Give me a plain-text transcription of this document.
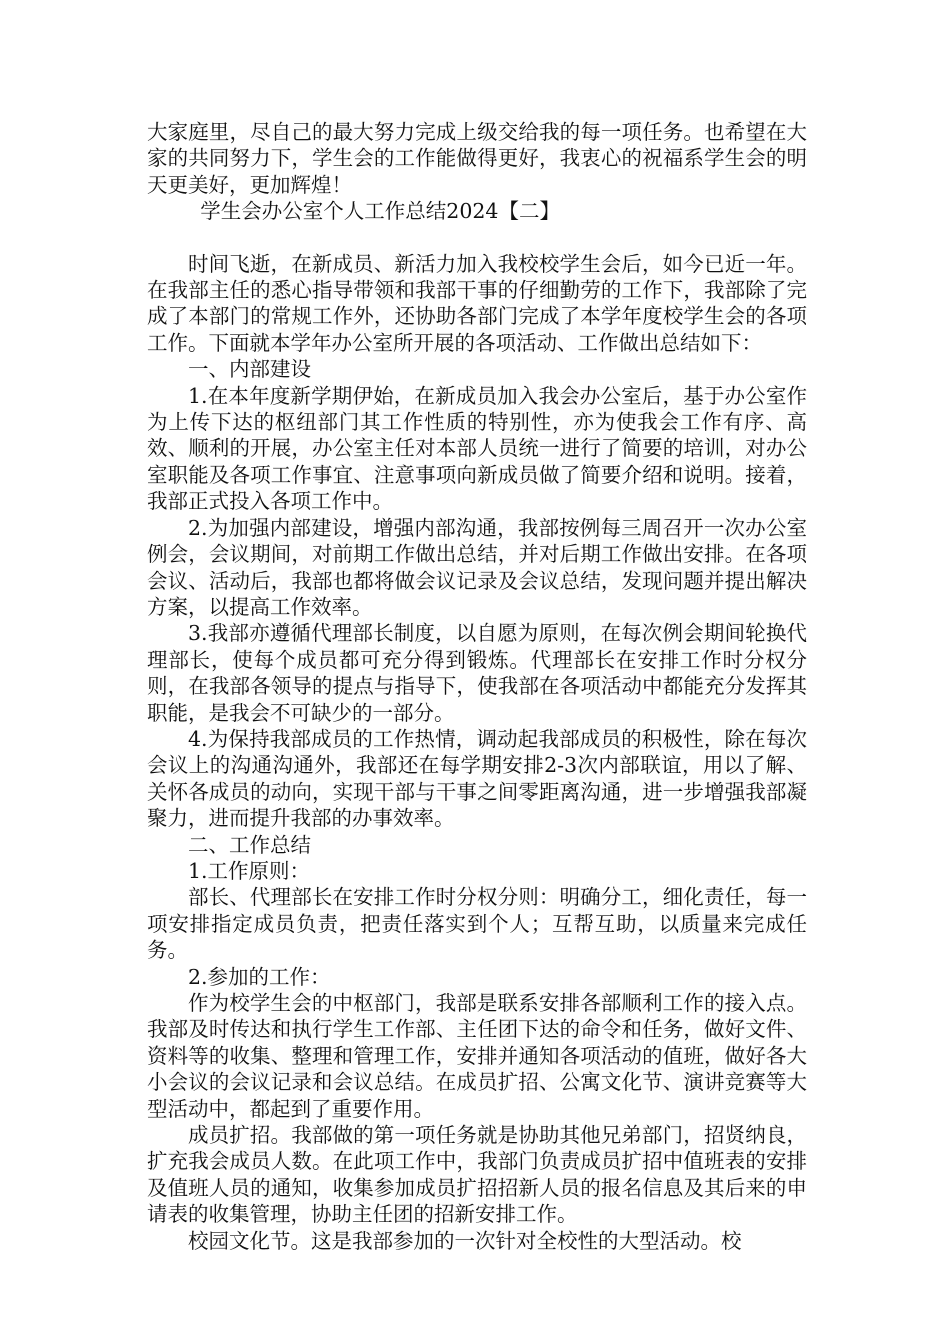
大家庭里，尽自己的最大努力完成上级交给我的每一项任务。也希望在大家的共同努力下，学生会的工作能做得更好，我衷心的祝福系学生会的明天更美好，更加辉煌！

学生会办公室个人工作总结2024【二】

时间飞逝，在新成员、新活力加入我校校学生会后，如今已近一年。在我部主任的悉心指导带领和我部干事的仔细勤劳的工作下，我部除了完成了本部门的常规工作外，还协助各部门完成了本学年度校学生会的各项工作。下面就本学年办公室所开展的各项活动、工作做出总结如下：

一、内部建设

1.在本年度新学期伊始，在新成员加入我会办公室后，基于办公室作为上传下达的枢纽部门其工作性质的特别性，亦为使我会工作有序、高效、顺利的开展，办公室主任对本部人员统一进行了简要的培训，对办公室职能及各项工作事宜、注意事项向新成员做了简要介绍和说明。接着，我部正式投入各项工作中。

2.为加强内部建设，增强内部沟通，我部按例每三周召开一次办公室例会，会议期间，对前期工作做出总结，并对后期工作做出安排。在各项会议、活动后，我部也都将做会议记录及会议总结，发现问题并提出解决方案，以提高工作效率。

3.我部亦遵循代理部长制度，以自愿为原则，在每次例会期间轮换代理部长，使每个成员都可充分得到锻炼。代理部长在安排工作时分权分则，在我部各领导的提点与指导下，使我部在各项活动中都能充分发挥其职能，是我会不可缺少的一部分。

4.为保持我部成员的工作热情，调动起我部成员的积极性，除在每次会议上的沟通沟通外，我部还在每学期安排2-3次内部联谊，用以了解、关怀各成员的动向，实现干部与干事之间零距离沟通，进一步增强我部凝聚力，进而提升我部的办事效率。

二、工作总结

1.工作原则：

部长、代理部长在安排工作时分权分则：明确分工，细化责任，每一项安排指定成员负责，把责任落实到个人；互帮互助，以质量来完成任务。

2.参加的工作：

作为校学生会的中枢部门，我部是联系安排各部顺利工作的接入点。我部及时传达和执行学生工作部、主任团下达的命令和任务，做好文件、资料等的收集、整理和管理工作，安排并通知各项活动的值班，做好各大小会议的会议记录和会议总结。在成员扩招、公寓文化节、演讲竞赛等大型活动中，都起到了重要作用。

成员扩招。我部做的第一项任务就是协助其他兄弟部门，招贤纳良，扩充我会成员人数。在此项工作中，我部门负责成员扩招中值班表的安排及值班人员的通知，收集参加成员扩招招新人员的报名信息及其后来的申请表的收集管理，协助主任团的招新安排工作。

校园文化节。这是我部参加的一次针对全校性的大型活动。校
